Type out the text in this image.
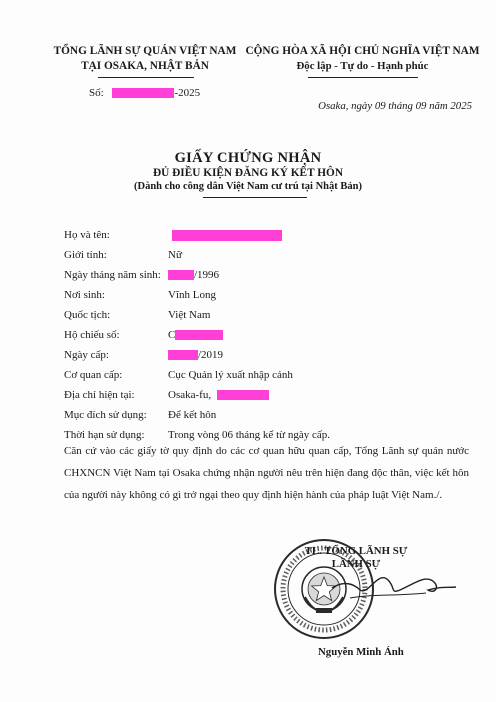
TỔNG LÃNH SỰ QUÁN VIỆT NAM
TẠI OSAKA, NHẬT BẢN
CỘNG HÒA XÃ HỘI CHỦ NGHĨA VIỆT NAM
Độc lập - Tự do - Hạnh phúc
Số:	-2025
Osaka, ngày 09 tháng 09 năm 2025
GIẤY CHỨNG NHẬN
ĐỦ ĐIỀU KIỆN ĐĂNG KÝ KẾT HÔN
(Dành cho công dân Việt Nam cư trú tại Nhật Bản)
Họ và tên:
Giới tính:	Nữ
Ngày tháng năm sinh:	/1996
Nơi sinh:	Vĩnh Long
Quốc tịch:	Việt Nam
Hộ chiếu số:	C
Ngày cấp:	/2019
Cơ quan cấp:	Cục Quản lý xuất nhập cảnh
Địa chỉ hiện tại:	Osaka-fu,
Mục đích sử dụng: Để kết hôn
Thời hạn sử dụng: Trong vòng 06 tháng kể từ ngày cấp.
Căn cứ vào các giấy tờ quy định do các cơ quan hữu quan cấp, Tổng Lãnh sự quán nước CHXNCN Việt Nam tại Osaka chứng nhận người nêu trên hiện đang độc thân, việc kết hôn của người này không có gì trở ngại theo quy định hiện hành của pháp luật Việt Nam./.
TL. TỔNG LÃNH SỰ
LÃNH SỰ
Nguyễn Minh Ánh
